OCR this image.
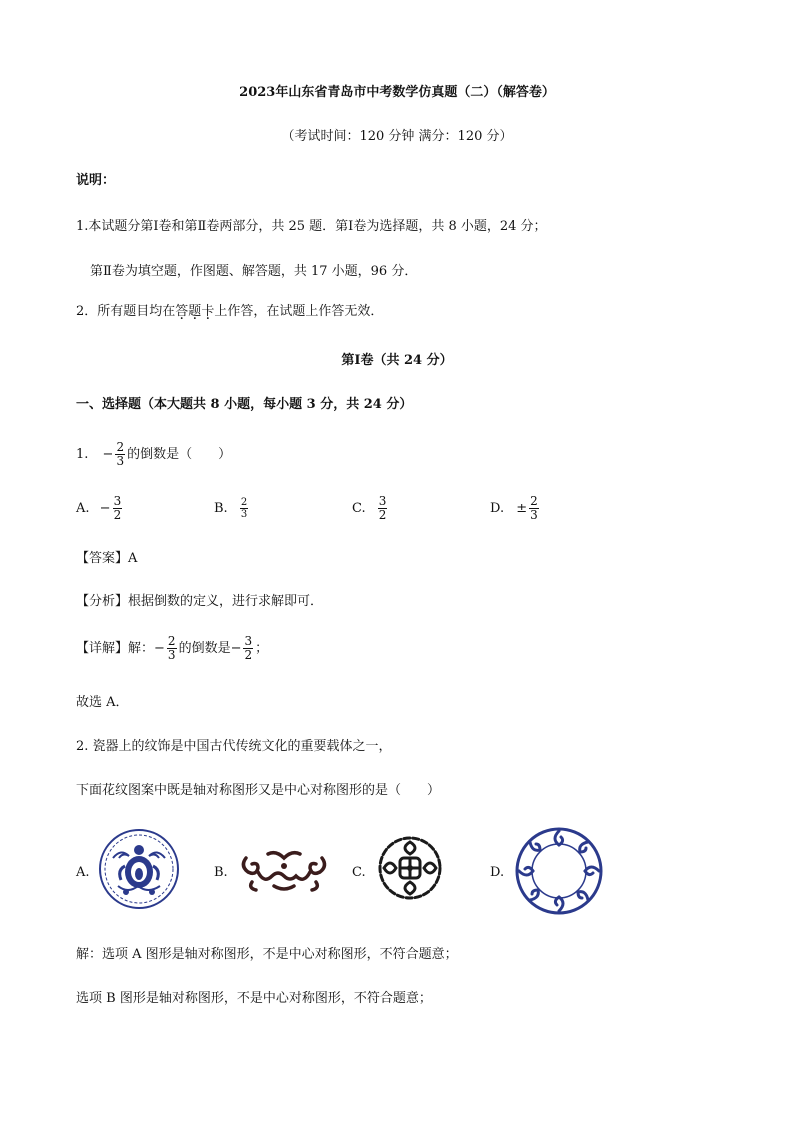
2023年山东省青岛市中考数学仿真题（二）（解答卷）
（考试时间：120 分钟 满分：120 分）
说明：
1.本试题分第Ⅰ卷和第Ⅱ卷两部分，共 25 题．第Ⅰ卷为选择题，共 8 小题，24 分；
第Ⅱ卷为填空题，作图题、解答题，共 17 小题，96 分．
2．所有题目均在答题卡上作答，在试题上作答无效．
第Ⅰ卷（共 24 分）
一、选择题（本大题共 8 小题，每小题 3 分，共 24 分）
1. − $\frac{2}{3}$ 的倒数是（　　）
A. − $\frac{3}{2}$	B. $\frac{2}{3}$	C. $\frac{3}{2}$	D. ± $\frac{2}{3}$
【答案】A
【分析】根据倒数的定义，进行求解即可．
【详解】解：− $\frac{2}{3}$ 的倒数是− $\frac{3}{2}$ ；
故选 A．
2. 瓷器上的纹饰是中国古代传统文化的重要载体之一，
下面花纹图案中既是轴对称图形又是中心对称图形的是（　　）
A.	B.	C.	D.
解：选项 A 图形是轴对称图形，不是中心对称图形，不符合题意；
选项 B 图形是轴对称图形，不是中心对称图形，不符合题意；
